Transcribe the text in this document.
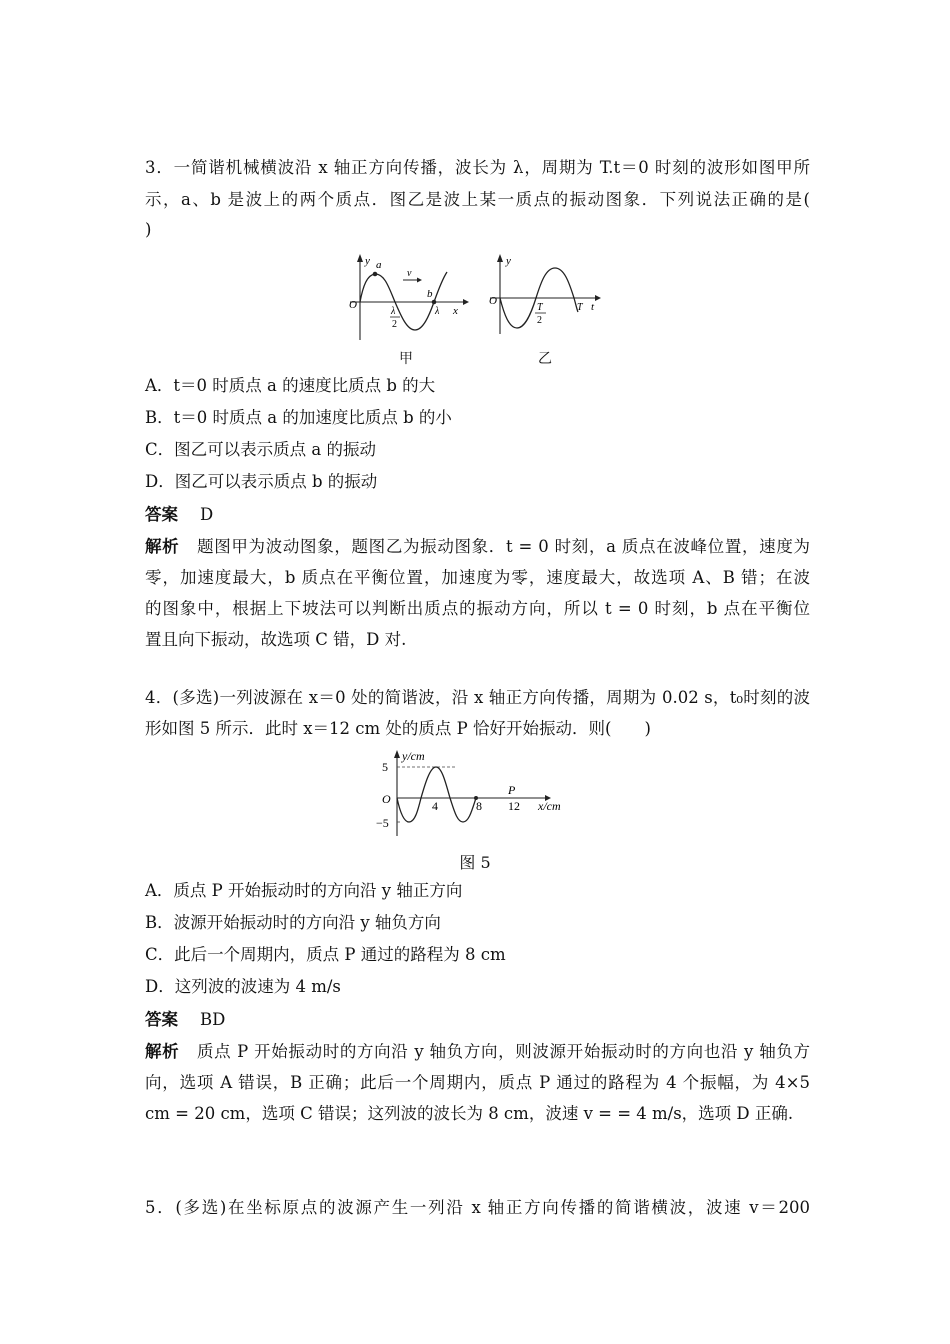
3．一简谐机械横波沿 x 轴正方向传播，波长为 λ，周期为 T.t＝0 时刻的波形如图甲所
示，a、b 是波上的两个质点．图乙是波上某一质点的振动图象．下列说法正确的是(
)
y
O
a
b
v
λ
2
λ x
甲
y
O
T
2
T t
乙
A．t＝0 时质点 a 的速度比质点 b 的大
B．t＝0 时质点 a 的加速度比质点 b 的小
C．图乙可以表示质点 a 的振动
D．图乙可以表示质点 b 的振动
答案 D
解析 题图甲为波动图象，题图乙为振动图象．t = 0 时刻，a 质点在波峰位置，速度为
零，加速度最大，b 质点在平衡位置，加速度为零，速度最大，故选项 A、B 错；在波
的图象中，根据上下坡法可以判断出质点的振动方向，所以 t = 0 时刻，b 点在平衡位
置且向下振动，故选项 C 错，D 对.
4．(多选)一列波源在 x＝0 处的简谐波，沿 x 轴正方向传播，周期为 0.02 s，t₀时刻的波
形如图 5 所示．此时 x＝12 cm 处的质点 P 恰好开始振动．则(　　)
y/cm
5
O
−5
4	8 12
P
x/cm
图 5
A．质点 P 开始振动时的方向沿 y 轴正方向
B．波源开始振动时的方向沿 y 轴负方向
C．此后一个周期内，质点 P 通过的路程为 8 cm
D．这列波的波速为 4 m/s
答案 BD
解析 质点 P 开始振动时的方向沿 y 轴负方向，则波源开始振动时的方向也沿 y 轴负方
向，选项 A 错误，B 正确；此后一个周期内，质点 P 通过的路程为 4 个振幅，为 4×5
cm = 20 cm，选项 C 错误；这列波的波长为 8 cm，波速 v = = 4 m/s，选项 D 正确.
5．(多选)在坐标原点的波源产生一列沿 x 轴正方向传播的简谐横波，波速 v＝200
